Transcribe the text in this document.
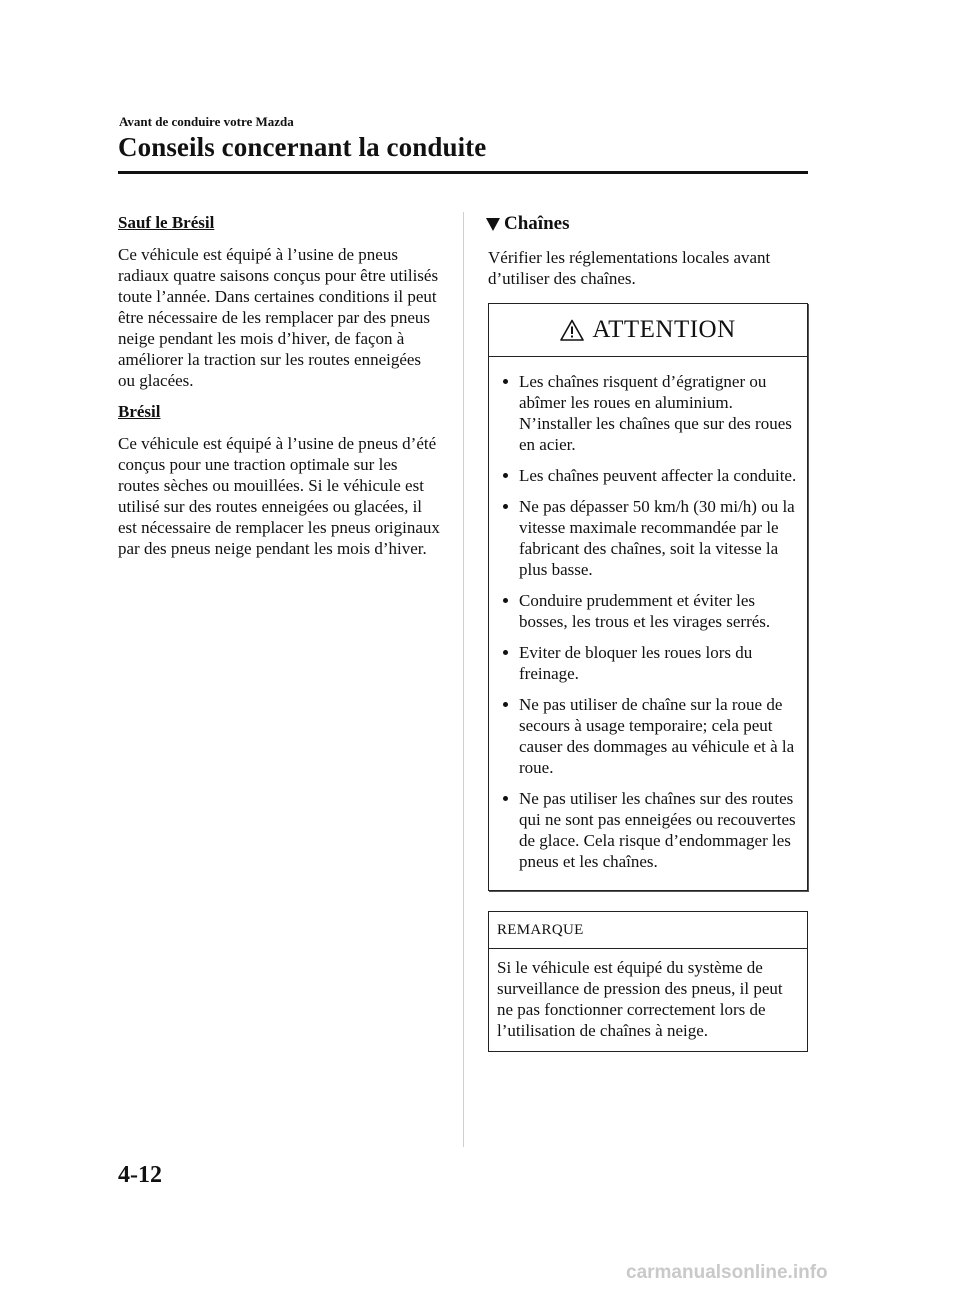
Avant de conduire votre Mazda
Conseils concernant la conduite
Sauf le Brésil

Ce véhicule est équipé à l’usine de pneus radiaux quatre saisons conçus pour être utilisés toute l’année. Dans certaines conditions il peut être nécessaire de les remplacer par des pneus neige pendant les mois d’hiver, de façon à améliorer la traction sur les routes enneigées ou glacées.

Brésil

Ce véhicule est équipé à l’usine de pneus d’été conçus pour une traction optimale sur les routes sèches ou mouillées. Si le véhicule est utilisé sur des routes enneigées ou glacées, il est nécessaire de remplacer les pneus originaux par des pneus neige pendant les mois d’hiver.

Chaînes

Vérifier les réglementations locales avant d’utiliser des chaînes.

ATTENTION
Les chaînes risquent d’égratigner ou abîmer les roues en aluminium. N’installer les chaînes que sur des roues en acier.
Les chaînes peuvent affecter la conduite.
Ne pas dépasser 50 km/h (30 mi/h) ou la vitesse maximale recommandée par le fabricant des chaînes, soit la vitesse la plus basse.
Conduire prudemment et éviter les bosses, les trous et les virages serrés.
Eviter de bloquer les roues lors du freinage.
Ne pas utiliser de chaîne sur la roue de secours à usage temporaire; cela peut causer des dommages au véhicule et à la roue.
Ne pas utiliser les chaînes sur des routes qui ne sont pas enneigées ou recouvertes de glace. Cela risque d’endommager les pneus et les chaînes.
REMARQUE
Si le véhicule est équipé du système de surveillance de pression des pneus, il peut ne pas fonctionner correctement lors de l’utilisation de chaînes à neige.
4-12
carmanualsonline.info
